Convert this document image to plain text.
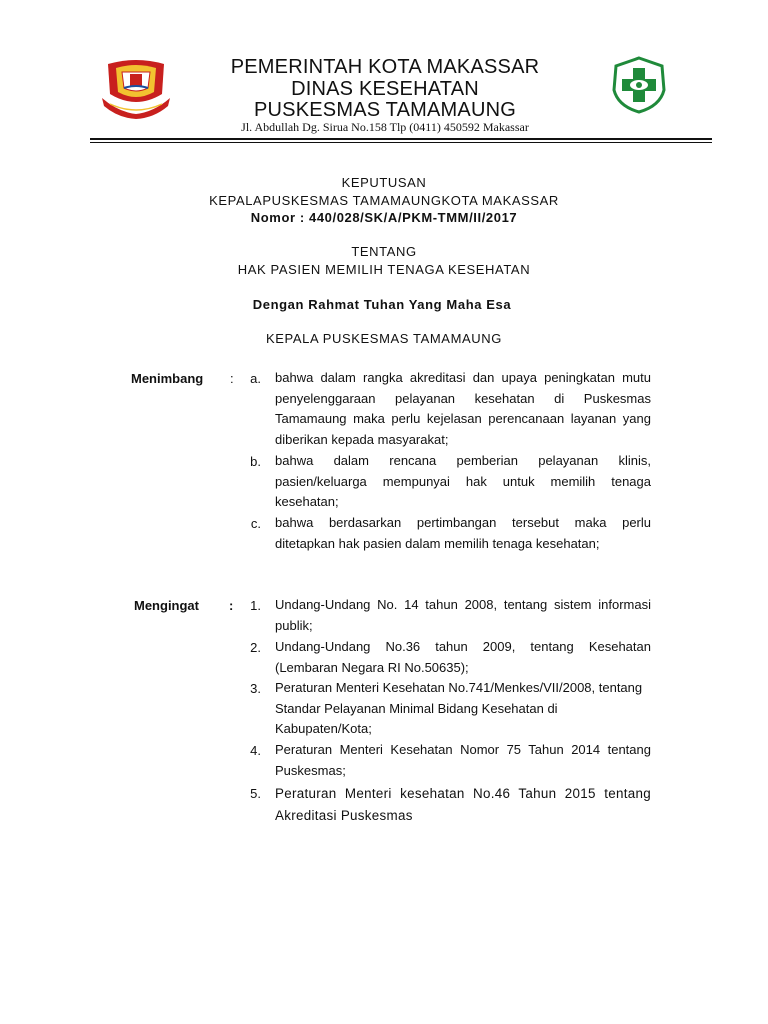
PEMERINTAH KOTA MAKASSAR
DINAS KESEHATAN
PUSKESMAS TAMAMAUNG
Jl. Abdullah Dg. Sirua No.158 Tlp (0411) 450592 Makassar
KEPUTUSAN
KEPALAPUSKESMAS TAMAMAUNGKOTA MAKASSAR
Nomor : 440/028/SK/A/PKM-TMM/II/2017
TENTANG
HAK PASIEN MEMILIH TENAGA KESEHATAN
Dengan Rahmat Tuhan Yang Maha Esa
KEPALA PUSKESMAS TAMAMAUNG
Menimbang :	a. bahwa dalam rangka akreditasi dan upaya peningkatan mutu penyelenggaraan pelayanan kesehatan di Puskesmas Tamamaung maka perlu kejelasan perencanaan layanan yang diberikan kepada masyarakat;
b. bahwa dalam rencana pemberian pelayanan klinis, pasien/keluarga mempunyai hak untuk memilih tenaga kesehatan;
c. bahwa berdasarkan pertimbangan tersebut maka perlu ditetapkan hak pasien dalam memilih tenaga kesehatan;
Mengingat :	1. Undang-Undang No. 14 tahun 2008, tentang sistem informasi publik;
2. Undang-Undang No.36 tahun 2009, tentang Kesehatan (Lembaran Negara RI No.50635);
3. Peraturan Menteri Kesehatan No.741/Menkes/VII/2008, tentang Standar Pelayanan Minimal Bidang Kesehatan di Kabupaten/Kota;
4. Peraturan Menteri Kesehatan Nomor 75 Tahun 2014 tentang Puskesmas;
5. Peraturan Menteri kesehatan No.46 Tahun 2015 tentang Akreditasi Puskesmas
